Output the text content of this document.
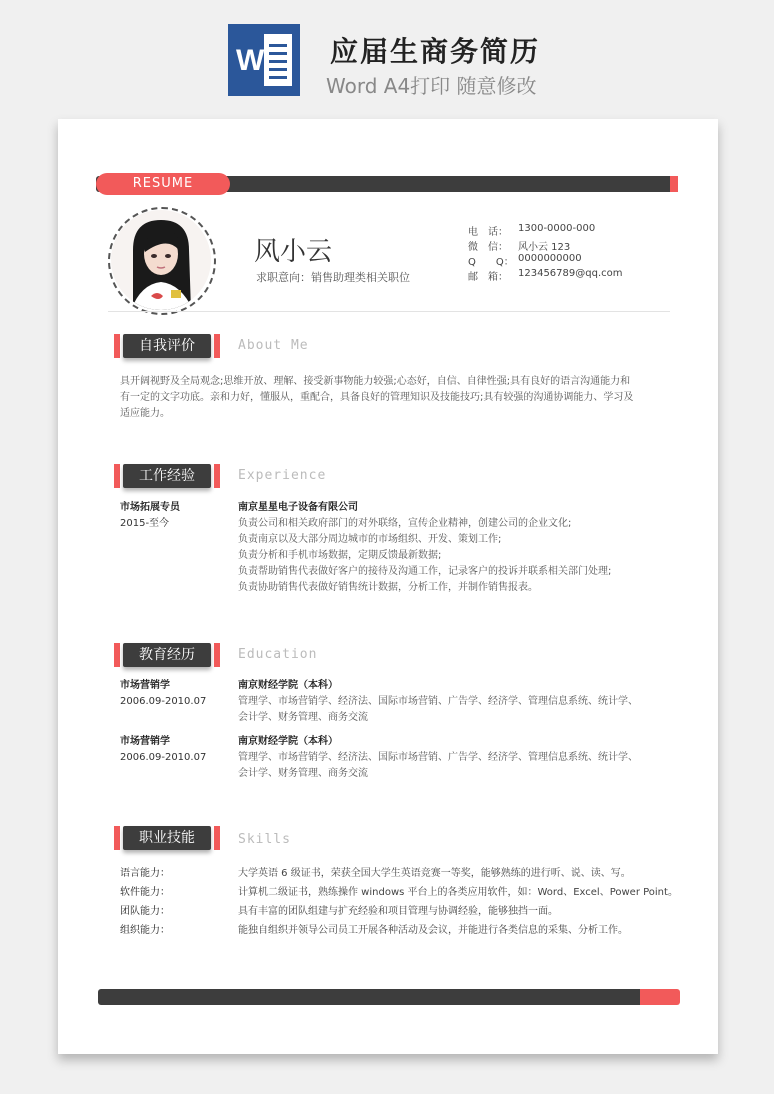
W 应届生商务简历
Word A4打印 随意修改
RESUME
风小云
求职意向：销售助理类相关职位
电　话：	1300-0000-000
微　信：	风小云 123
Q　　Q： 0000000000
邮　箱：	123456789@qq.com
自我评价	About Me
具开阔视野及全局观念;思维开放、理解、接受新事物能力较强;心态好，自信、自律性强;具有良好的语言沟通能力和
有一定的文字功底。亲和力好，懂服从，重配合，具备良好的管理知识及技能技巧;具有较强的沟通协调能力、学习及
适应能力。
工作经验	Experience
市场拓展专员
2015-至今
南京星星电子设备有限公司
负责公司和相关政府部门的对外联络，宣传企业精神，创建公司的企业文化;
负责南京以及大部分周边城市的市场组织、开发、策划工作;
负责分析和手机市场数据，定期反馈最新数据;
负责帮助销售代表做好客户的接待及沟通工作，记录客户的投诉并联系相关部门处理;
负责协助销售代表做好销售统计数据，分析工作，并制作销售报表。
教育经历	Education
市场营销学
2006.09-2010.07
南京财经学院（本科）
管理学、市场营销学、经济法、国际市场营销、广告学、经济学、管理信息系统、统计学、
会计学、财务管理、商务交流
市场营销学
2006.09-2010.07
南京财经学院（本科）
管理学、市场营销学、经济法、国际市场营销、广告学、经济学、管理信息系统、统计学、
会计学、财务管理、商务交流
职业技能	Skills
语言能力：	大学英语 6 级证书，荣获全国大学生英语竞赛一等奖，能够熟练的进行听、说、读、写。
软件能力：	计算机二级证书，熟练操作 windows 平台上的各类应用软件，如：Word、Excel、Power Point。
团队能力：	具有丰富的团队组建与扩充经验和项目管理与协调经验，能够独挡一面。
组织能力：	能独自组织并领导公司员工开展各种活动及会议，并能进行各类信息的采集、分析工作。
